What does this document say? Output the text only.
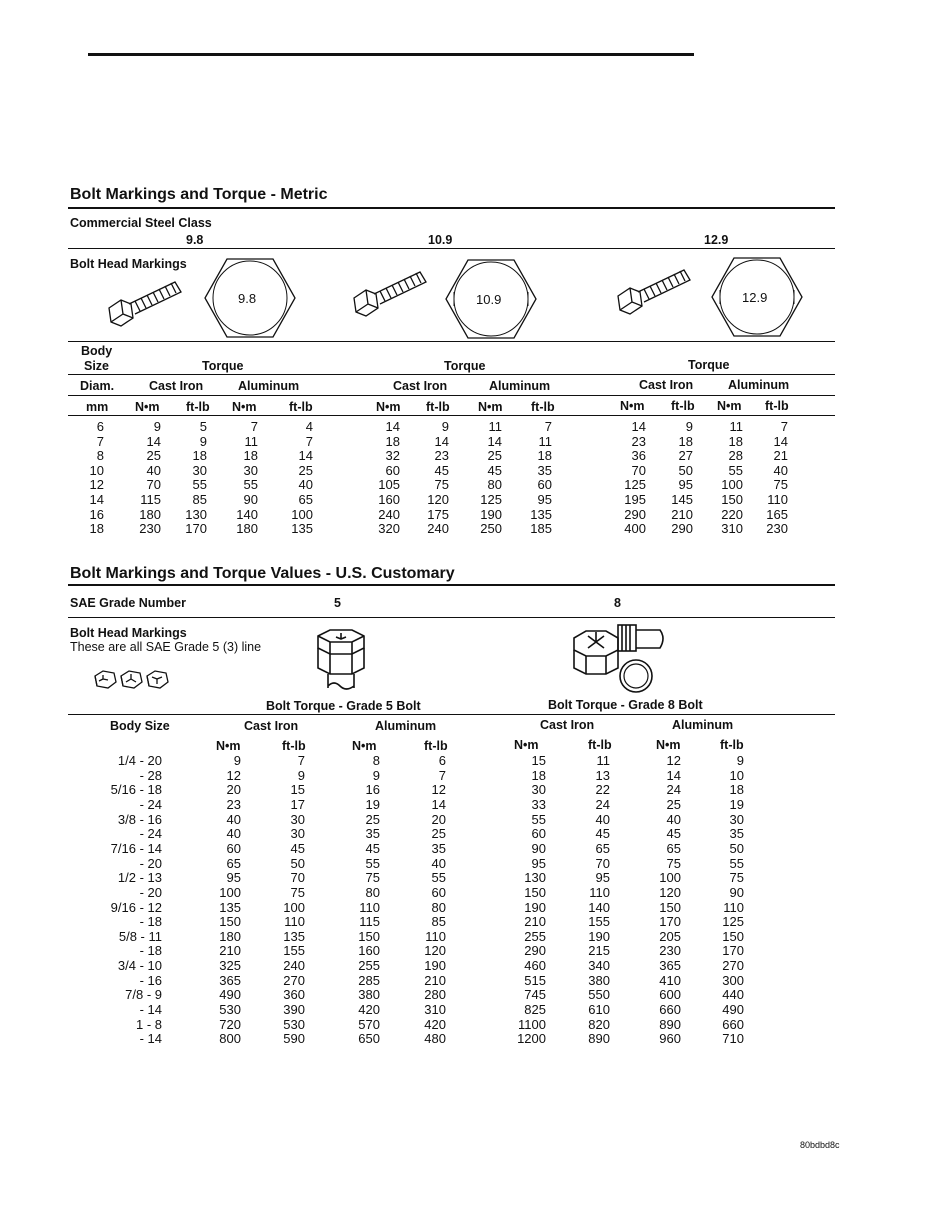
Bolt Markings and Torque - Metric
Commercial Steel Class
9.8	10.9	12.9
Bolt Head Markings
9.8	10.9	12.9
Body
Size	Torque	Torque	Torque
Diam.	Cast Iron	Aluminum	Cast Iron	Aluminum	Cast Iron	Aluminum
mm N•m ft-lb N•m	ft-lb	N•m ft-lb N•m ft-lb	N•m ft-lb N•m ft-lb
6	9	5	7	4	14	9	11	7	14	9	11	7
7	14	9	11	7	18	14	14	11	23	18	18	14
8	25	18	18	14	32	23	25	18	36	27	28	21
10	40	30	30	25	60	45	45	35	70	50	55	40
12	70	55	55	40	105	75	80	60	125	95	100	75
14	115	85	90	65	160	120	125	95	195	145	150	110
16	180	130	140	100	240	175	190	135	290	210	220	165
18	230	170	180	135	320	240	250	185	400	290	310	230
Bolt Markings and Torque Values - U.S. Customary
SAE Grade Number	5	8
Bolt Head Markings
These are all SAE Grade 5 (3) line
Bolt Torque - Grade 5 Bolt	Bolt Torque - Grade 8 Bolt
Body Size	Cast Iron	Aluminum	Cast Iron	Aluminum
N•m	ft-lb	N•m	ft-lb	N•m	ft-lb	N•m	ft-lb
1/4 - 20	9	7	8	6	15	11	12	9
- 28	12	9	9	7	18	13	14	10
5/16 - 18	20	15	16	12	30	22	24	18
- 24	23	17	19	14	33	24	25	19
3/8 - 16	40	30	25	20	55	40	40	30
- 24	40	30	35	25	60	45	45	35
7/16 - 14	60	45	45	35	90	65	65	50
- 20	65	50	55	40	95	70	75	55
1/2 - 13	95	70	75	55	130	95	100	75
- 20	100	75	80	60	150	110	120	90
9/16 - 12	135	100	110	80	190	140	150	110
- 18	150	110	115	85	210	155	170	125
5/8 - 11	180	135	150	110	255	190	205	150
- 18	210	155	160	120	290	215	230	170
3/4 - 10	325	240	255	190	460	340	365	270
- 16	365	270	285	210	515	380	410	300
7/8 - 9	490	360	380	280	745	550	600	440
- 14	530	390	420	310	825	610	660	490
1 - 8	720	530	570	420	1100	820	890	660
- 14	800	590	650	480	1200	890	960	710
80bdbd8c
